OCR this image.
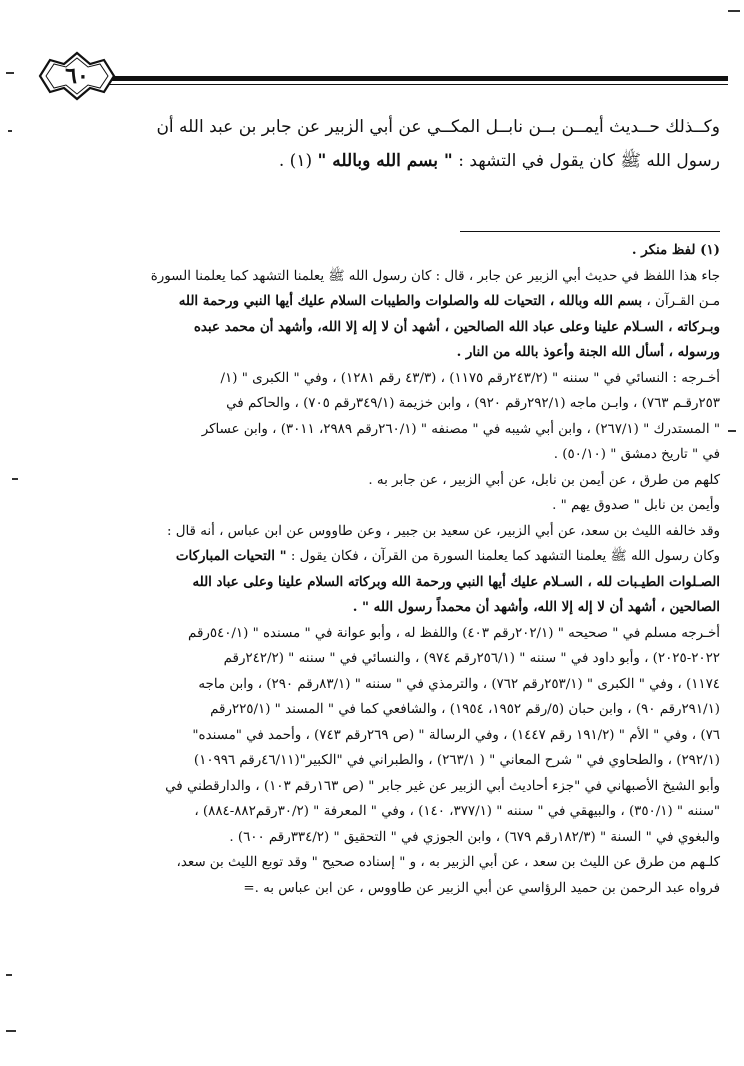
٦٠
وكــذلك حــديث أيمــن بــن نابــل المكــي عن أبي الزبير عن جابر بن عبد الله أن
رسول الله ﷺ كان يقول في التشهد : " بسم الله وبالله " (١) .

(١) لفظ منكر .

جاء هذا اللفظ في حديث أبي الزبير عن جابر ، قال : كان رسول الله ﷺ يعلمنا التشهد كما يعلمنا السورة

مـن القـرآن ، بسم الله وبالله ، التحيات لله والصلوات والطيبات السلام عليك أيها النبي ورحمة الله

وبـركاته ، السـلام علينا وعلى عباد الله الصالحين ، أشهد أن لا إله إلا الله، وأشهد أن محمد عبده

ورسوله ، أسأل الله الجنة وأعوذ بالله من النار .

أخـرجه : النسائي في " سننه " (٢٤٣/٢رقم ١١٧٥) ، (٤٣/٣ رقم ١٢٨١) ، وفي " الكبرى " (١/

٢٥٣رقـم ٧٦٣) ، وابـن ماجه (٢٩٢/١رقم ٩٢٠) ، وابن خزيمة (٣٤٩/١رقم ٧٠٥) ، والحاكم في

" المستدرك " (٢٦٧/١) ، وابن أبي شيبه في " مصنفه " (٢٦٠/١رقم ٢٩٨٩، ٣٠١١) ، وابن عساكر

في " تاريخ دمشق " (٥٠/١٠) .

كلهم من طرق ، عن أيمن بن نابل، عن أبي الزبير ، عن جابر به .

وأيمن بن نابل " صدوق يهم " .

وقد خالفه الليث بن سعد، عن أبي الزبير، عن سعيد بن جبير ، وعن طاووس عن ابن عباس ، أنه قال :

وكان رسول الله ﷺ يعلمنا التشهد كما يعلمنا السورة من القرآن ، فكان يقول : " التحيات المباركات

الصـلوات الطيـبات لله ، السـلام عليك أيها النبي ورحمة الله وبركاته السلام علينا وعلى عباد الله

الصالحين ، أشهد أن لا إله إلا الله، وأشهد أن محمداً رسول الله " .

أخـرجه مسلم في " صحيحه " (٢٠٢/١رقم ٤٠٣) واللفظ له ، وأبو عوانة في " مسنده " (٥٤٠/١رقم

٢٠٢٢-٢٠٢٥) ، وأبو داود في " سننه " (٢٥٦/١رقم ٩٧٤) ، والنسائي في " سننه " (٢٤٢/٢رقم

١١٧٤) ، وفي " الكبرى " (٢٥٣/١رقم ٧٦٢) ، والترمذي في " سننه " (٨٣/١رقم ٢٩٠) ، وابن ماجه

(٢٩١/١رقم ٩٠) ، وابن حبان (٥/رقم ١٩٥٢، ١٩٥٤) ، والشافعي كما في " المسند " (٢٢٥/١رقم

٧٦) ، وفي " الأم " (١٩١/٢ رقم ١٤٤٧) ، وفي الرسالة " (ص ٢٦٩رقم ٧٤٣) ، وأحمد في "مسنده"

(٢٩٢/١) ، والطحاوي في " شرح المعاني " ( ٢٦٣/١) ، والطبراني في "الكبير"(٤٦/١١رقم ١٠٩٩٦)

وأبو الشيخ الأصبهاني في "جزء أحاديث أبي الزبير عن غير جابر " (ص ١٦٣رقم ١٠٣) ، والدارقطني في

"سننه " (٣٥٠/١) ، والبيهقي في " سننه " (٣٧٧/١، ١٤٠) ، وفي " المعرفة " (٣٠/٢رقم٨٨٢-٨٨٤) ،

والبغوي في " السنة " (١٨٢/٣رقم ٦٧٩) ، وابن الجوزي في " التحقيق " (٣٣٤/٢رقم ٦٠٠) .

كلـهم من طرق عن الليث بن سعد ، عن أبي الزبير به ، و " إسناده صحيح " وقد توبع الليث بن سعد،

فرواه عبد الرحمن بن حميد الرؤاسي عن أبي الزبير عن طاووس ، عن ابن عباس به .=
